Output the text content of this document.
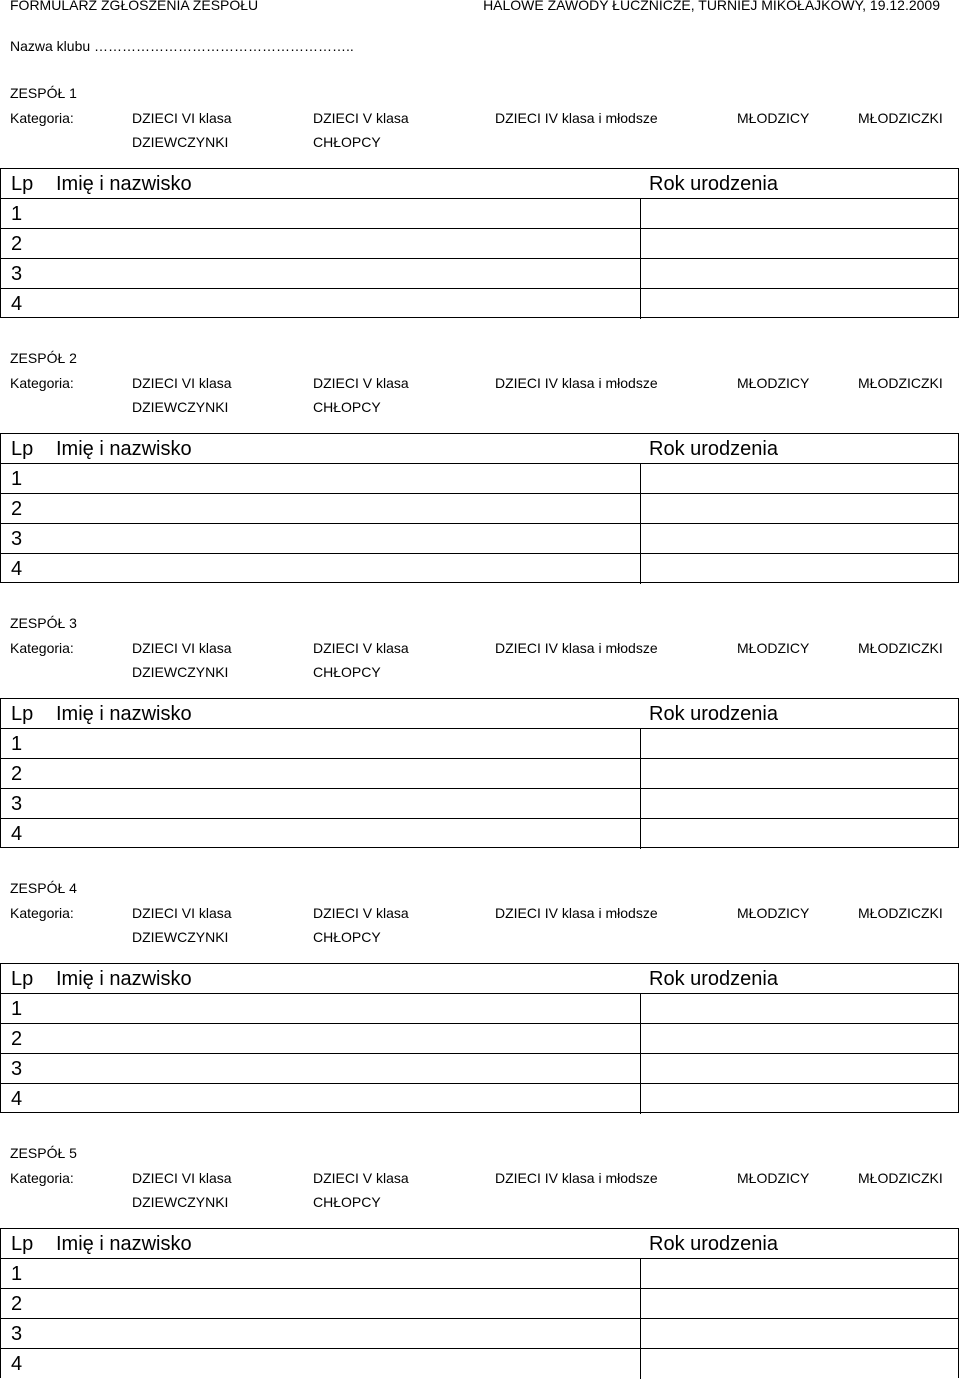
FORMULARZ ZGŁOSZENIA ZESPOŁU	HALOWE ZAWODY ŁUCZNICZE, TURNIEJ MIKOŁAJKOWY, 19.12.2009
Nazwa klubu ………………………………………………..
ZESPÓŁ 1
Kategoria:	DZIECI VI klasa	DZIECI V klasa	DZIECI IV klasa i młodsze	MŁODZICY	MŁODZICZKI
DZIEWCZYNKI	CHŁOPCY
Lp Imię i nazwisko	Rok urodzenia
1
2
3
4
ZESPÓŁ 2
Kategoria:	DZIECI VI klasa	DZIECI V klasa	DZIECI IV klasa i młodsze	MŁODZICY	MŁODZICZKI
DZIEWCZYNKI	CHŁOPCY
Lp Imię i nazwisko	Rok urodzenia
1
2
3
4
ZESPÓŁ 3
Kategoria:	DZIECI VI klasa	DZIECI V klasa	DZIECI IV klasa i młodsze	MŁODZICY	MŁODZICZKI
DZIEWCZYNKI	CHŁOPCY
Lp Imię i nazwisko	Rok urodzenia
1
2
3
4
ZESPÓŁ 4
Kategoria:	DZIECI VI klasa	DZIECI V klasa	DZIECI IV klasa i młodsze	MŁODZICY	MŁODZICZKI
DZIEWCZYNKI	CHŁOPCY
Lp Imię i nazwisko	Rok urodzenia
1
2
3
4
ZESPÓŁ 5
Kategoria:	DZIECI VI klasa	DZIECI V klasa	DZIECI IV klasa i młodsze	MŁODZICY	MŁODZICZKI
DZIEWCZYNKI	CHŁOPCY
Lp Imię i nazwisko	Rok urodzenia
1
2
3
4
